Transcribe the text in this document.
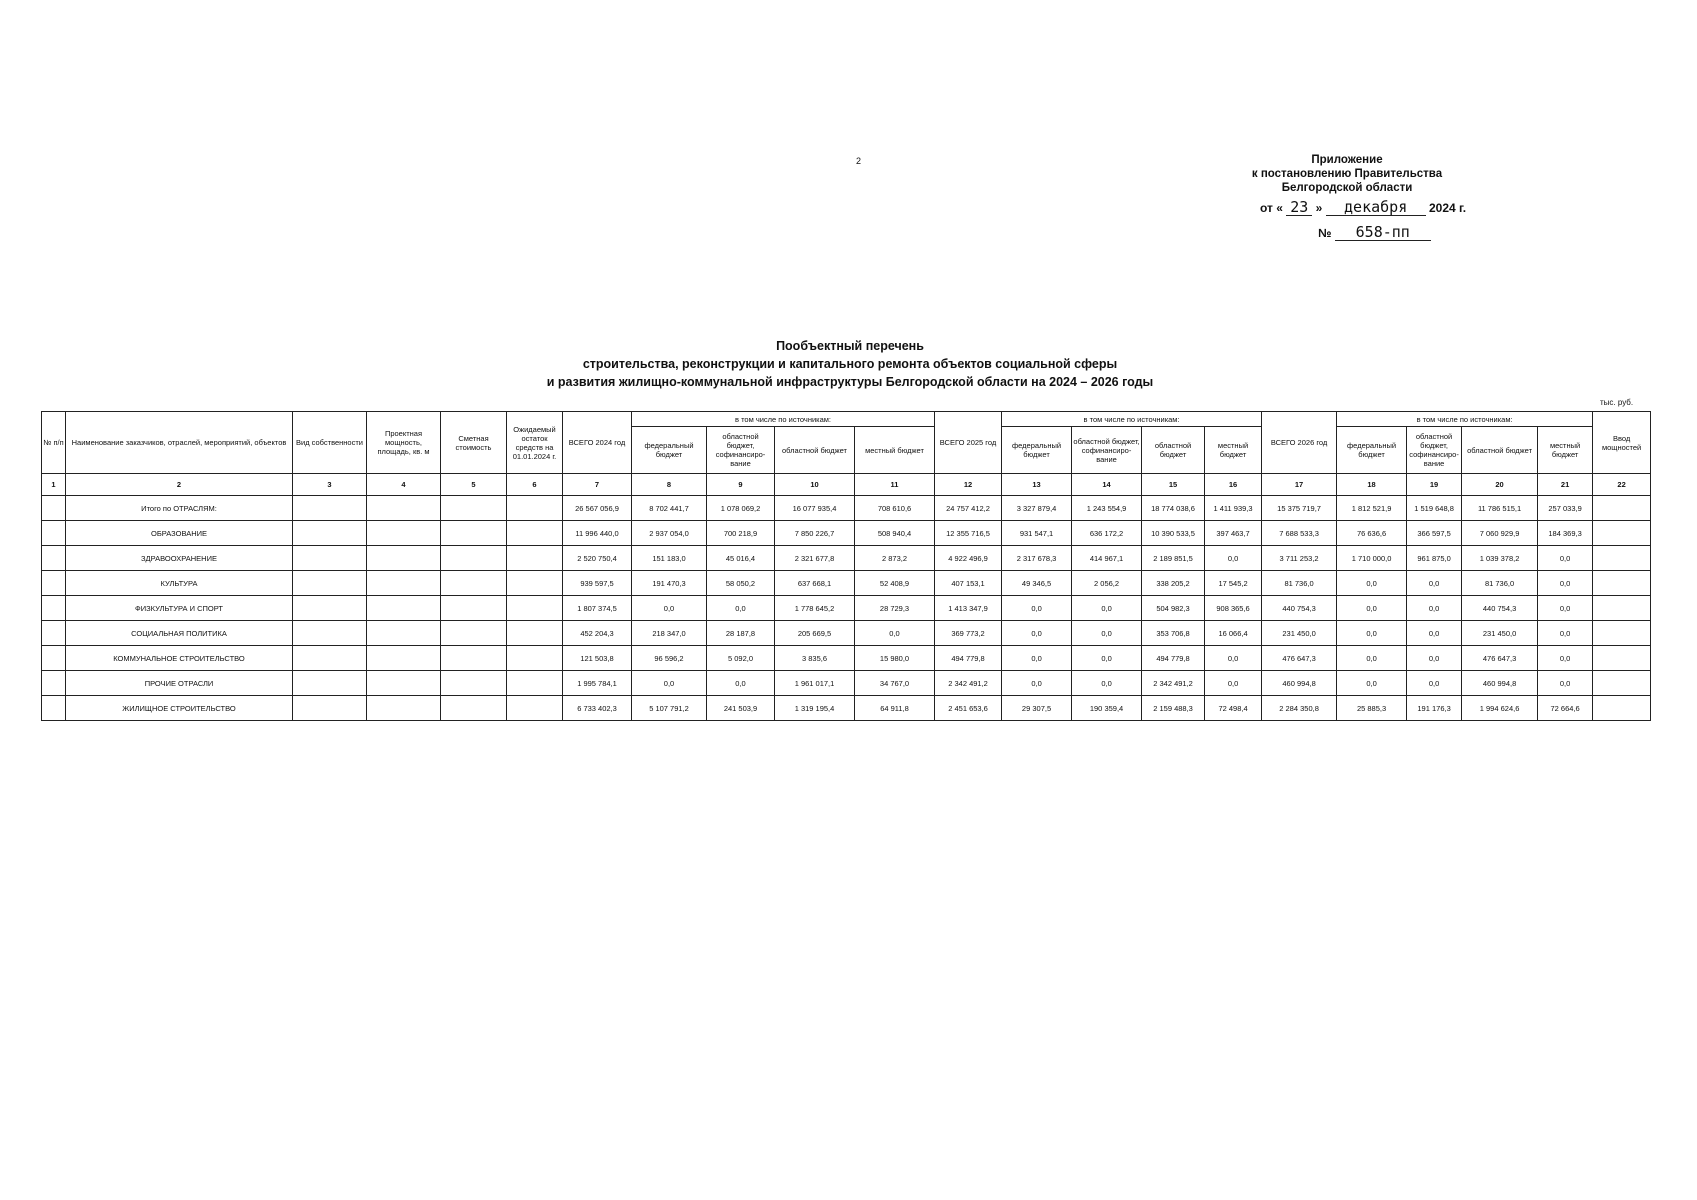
2	Приложение
к постановлению Правительства
Белгородской области
от « 23 » декабря 2024 г.
№ 658-пп
Пообъектный перечень
строительства, реконструкции и капитального ремонта объектов социальной сферы
и развития жилищно-коммунальной инфраструктуры Белгородской области на 2024 – 2026 годы
тыс. руб.
№ п/п	Наименование заказчиков, отраслей, мероприятий, объектов	Вид собственности	Проектная мощность, площадь, кв. м	Сметная стоимость	Ожидаемый остаток средств на 01.01.2024 г.	ВСЕГО 2024 год	в том числе по источникам:				ВСЕГО 2025 год	в том числе по источникам:				ВСЕГО 2026 год	в том числе по источникам:				Ввод мощностей
							федеральный бюджет	областной бюджет, софинансиро-вание	областной бюджет	местный бюджет		федеральный бюджет	областной бюджет, софинансиро-вание	областной бюджет	местный бюджет		федеральный бюджет	областной бюджет, софинансиро-вание	областной бюджет	местный бюджет	
1	2	3	4	5	6	7	8	9	10	11	12	13	14	15	16	17	18	19	20	21	22
	Итого по ОТРАСЛЯМ:					26 567 056,9	8 702 441,7	1 078 069,2	16 077 935,4	708 610,6	24 757 412,2	3 327 879,4	1 243 554,9	18 774 038,6	1 411 939,3	15 375 719,7	1 812 521,9	1 519 648,8	11 786 515,1	257 033,9	
	ОБРАЗОВАНИЕ					11 996 440,0	2 937 054,0	700 218,9	7 850 226,7	508 940,4	12 355 716,5	931 547,1	636 172,2	10 390 533,5	397 463,7	7 688 533,3	76 636,6	366 597,5	7 060 929,9	184 369,3	
	ЗДРАВООХРАНЕНИЕ					2 520 750,4	151 183,0	45 016,4	2 321 677,8	2 873,2	4 922 496,9	2 317 678,3	414 967,1	2 189 851,5	0,0	3 711 253,2	1 710 000,0	961 875,0	1 039 378,2	0,0	
	КУЛЬТУРА					939 597,5	191 470,3	58 050,2	637 668,1	52 408,9	407 153,1	49 346,5	2 056,2	338 205,2	17 545,2	81 736,0	0,0	0,0	81 736,0	0,0	
	ФИЗКУЛЬТУРА И СПОРТ					1 807 374,5	0,0	0,0	1 778 645,2	28 729,3	1 413 347,9	0,0	0,0	504 982,3	908 365,6	440 754,3	0,0	0,0	440 754,3	0,0	
	СОЦИАЛЬНАЯ ПОЛИТИКА					452 204,3	218 347,0	28 187,8	205 669,5	0,0	369 773,2	0,0	0,0	353 706,8	16 066,4	231 450,0	0,0	0,0	231 450,0	0,0	
	КОММУНАЛЬНОЕ СТРОИТЕЛЬСТВО					121 503,8	96 596,2	5 092,0	3 835,6	15 980,0	494 779,8	0,0	0,0	494 779,8	0,0	476 647,3	0,0	0,0	476 647,3	0,0	
	ПРОЧИЕ ОТРАСЛИ					1 995 784,1	0,0	0,0	1 961 017,1	34 767,0	2 342 491,2	0,0	0,0	2 342 491,2	0,0	460 994,8	0,0	0,0	460 994,8	0,0	
	ЖИЛИЩНОЕ СТРОИТЕЛЬСТВО					6 733 402,3	5 107 791,2	241 503,9	1 319 195,4	64 911,8	2 451 653,6	29 307,5	190 359,4	2 159 488,3	72 498,4	2 284 350,8	25 885,3	191 176,3	1 994 624,6	72 664,6	
